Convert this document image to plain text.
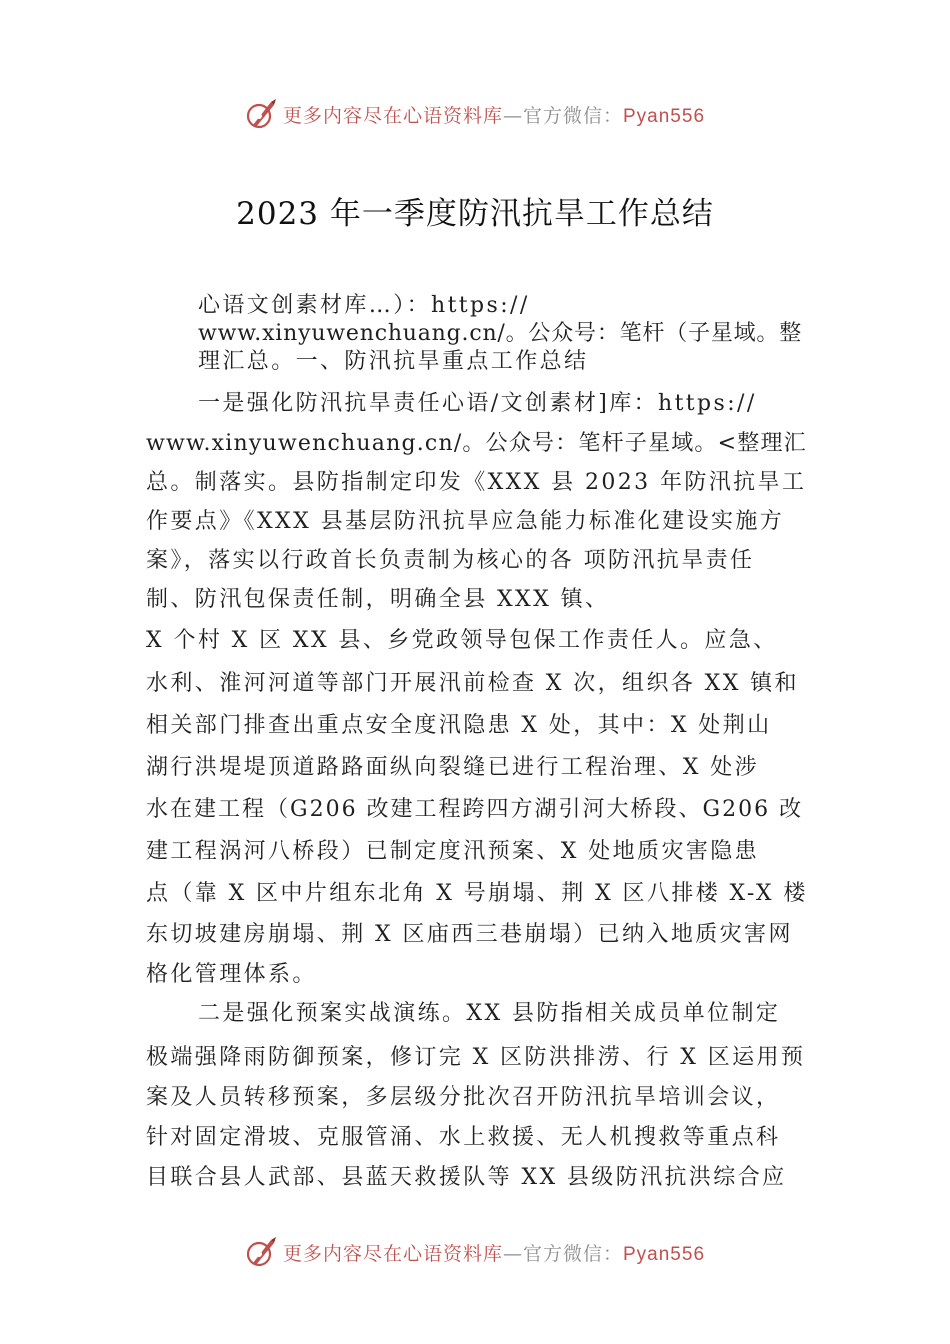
更多内容尽在心语资料库—官方微信：Pyan556
2023 年一季度防汛抗旱工作总结
心语文创素材库…）：https://
www.xinyuwenchuang.cn/。公众号：笔杆（子星域。整
理汇总。一、防汛抗旱重点工作总结
一是强化防汛抗旱责任心语/文创素材]库：https://
www.xinyuwenchuang.cn/。公众号：笔杆子星域。<整理汇
总。制落实。县防指制定印发《XXX 县 2023 年防汛抗旱工
作要点》《XXX 县基层防汛抗旱应急能力标准化建设实施方
案》，落实以行政首长负责制为核心的各 项防汛抗旱责任
制、防汛包保责任制，明确全县 XXX 镇、
X 个村 X 区 XX 县、乡党政领导包保工作责任人。应急、
水利、淮河河道等部门开展汛前检查 X 次，组织各 XX 镇和
相关部门排查出重点安全度汛隐患 X 处，其中：X 处荆山
湖行洪堤堤顶道路路面纵向裂缝已进行工程治理、X 处涉
水在建工程（G206 改建工程跨四方湖引河大桥段、G206 改
建工程涡河八桥段）已制定度汛预案、X 处地质灾害隐患
点（靠 X 区中片组东北角 X 号崩塌、荆 X 区八排楼 X-X 楼
东切坡建房崩塌、荆 X 区庙西三巷崩塌）已纳入地质灾害网
格化管理体系。
二是强化预案实战演练。XX 县防指相关成员单位制定
极端强降雨防御预案，修订完 X 区防洪排涝、行 X 区运用预
案及人员转移预案，多层级分批次召开防汛抗旱培训会议，
针对固定滑坡、克服管涌、水上救援、无人机搜救等重点科
目联合县人武部、县蓝天救援队等 XX 县级防汛抗洪综合应
更多内容尽在心语资料库—官方微信：Pyan556
